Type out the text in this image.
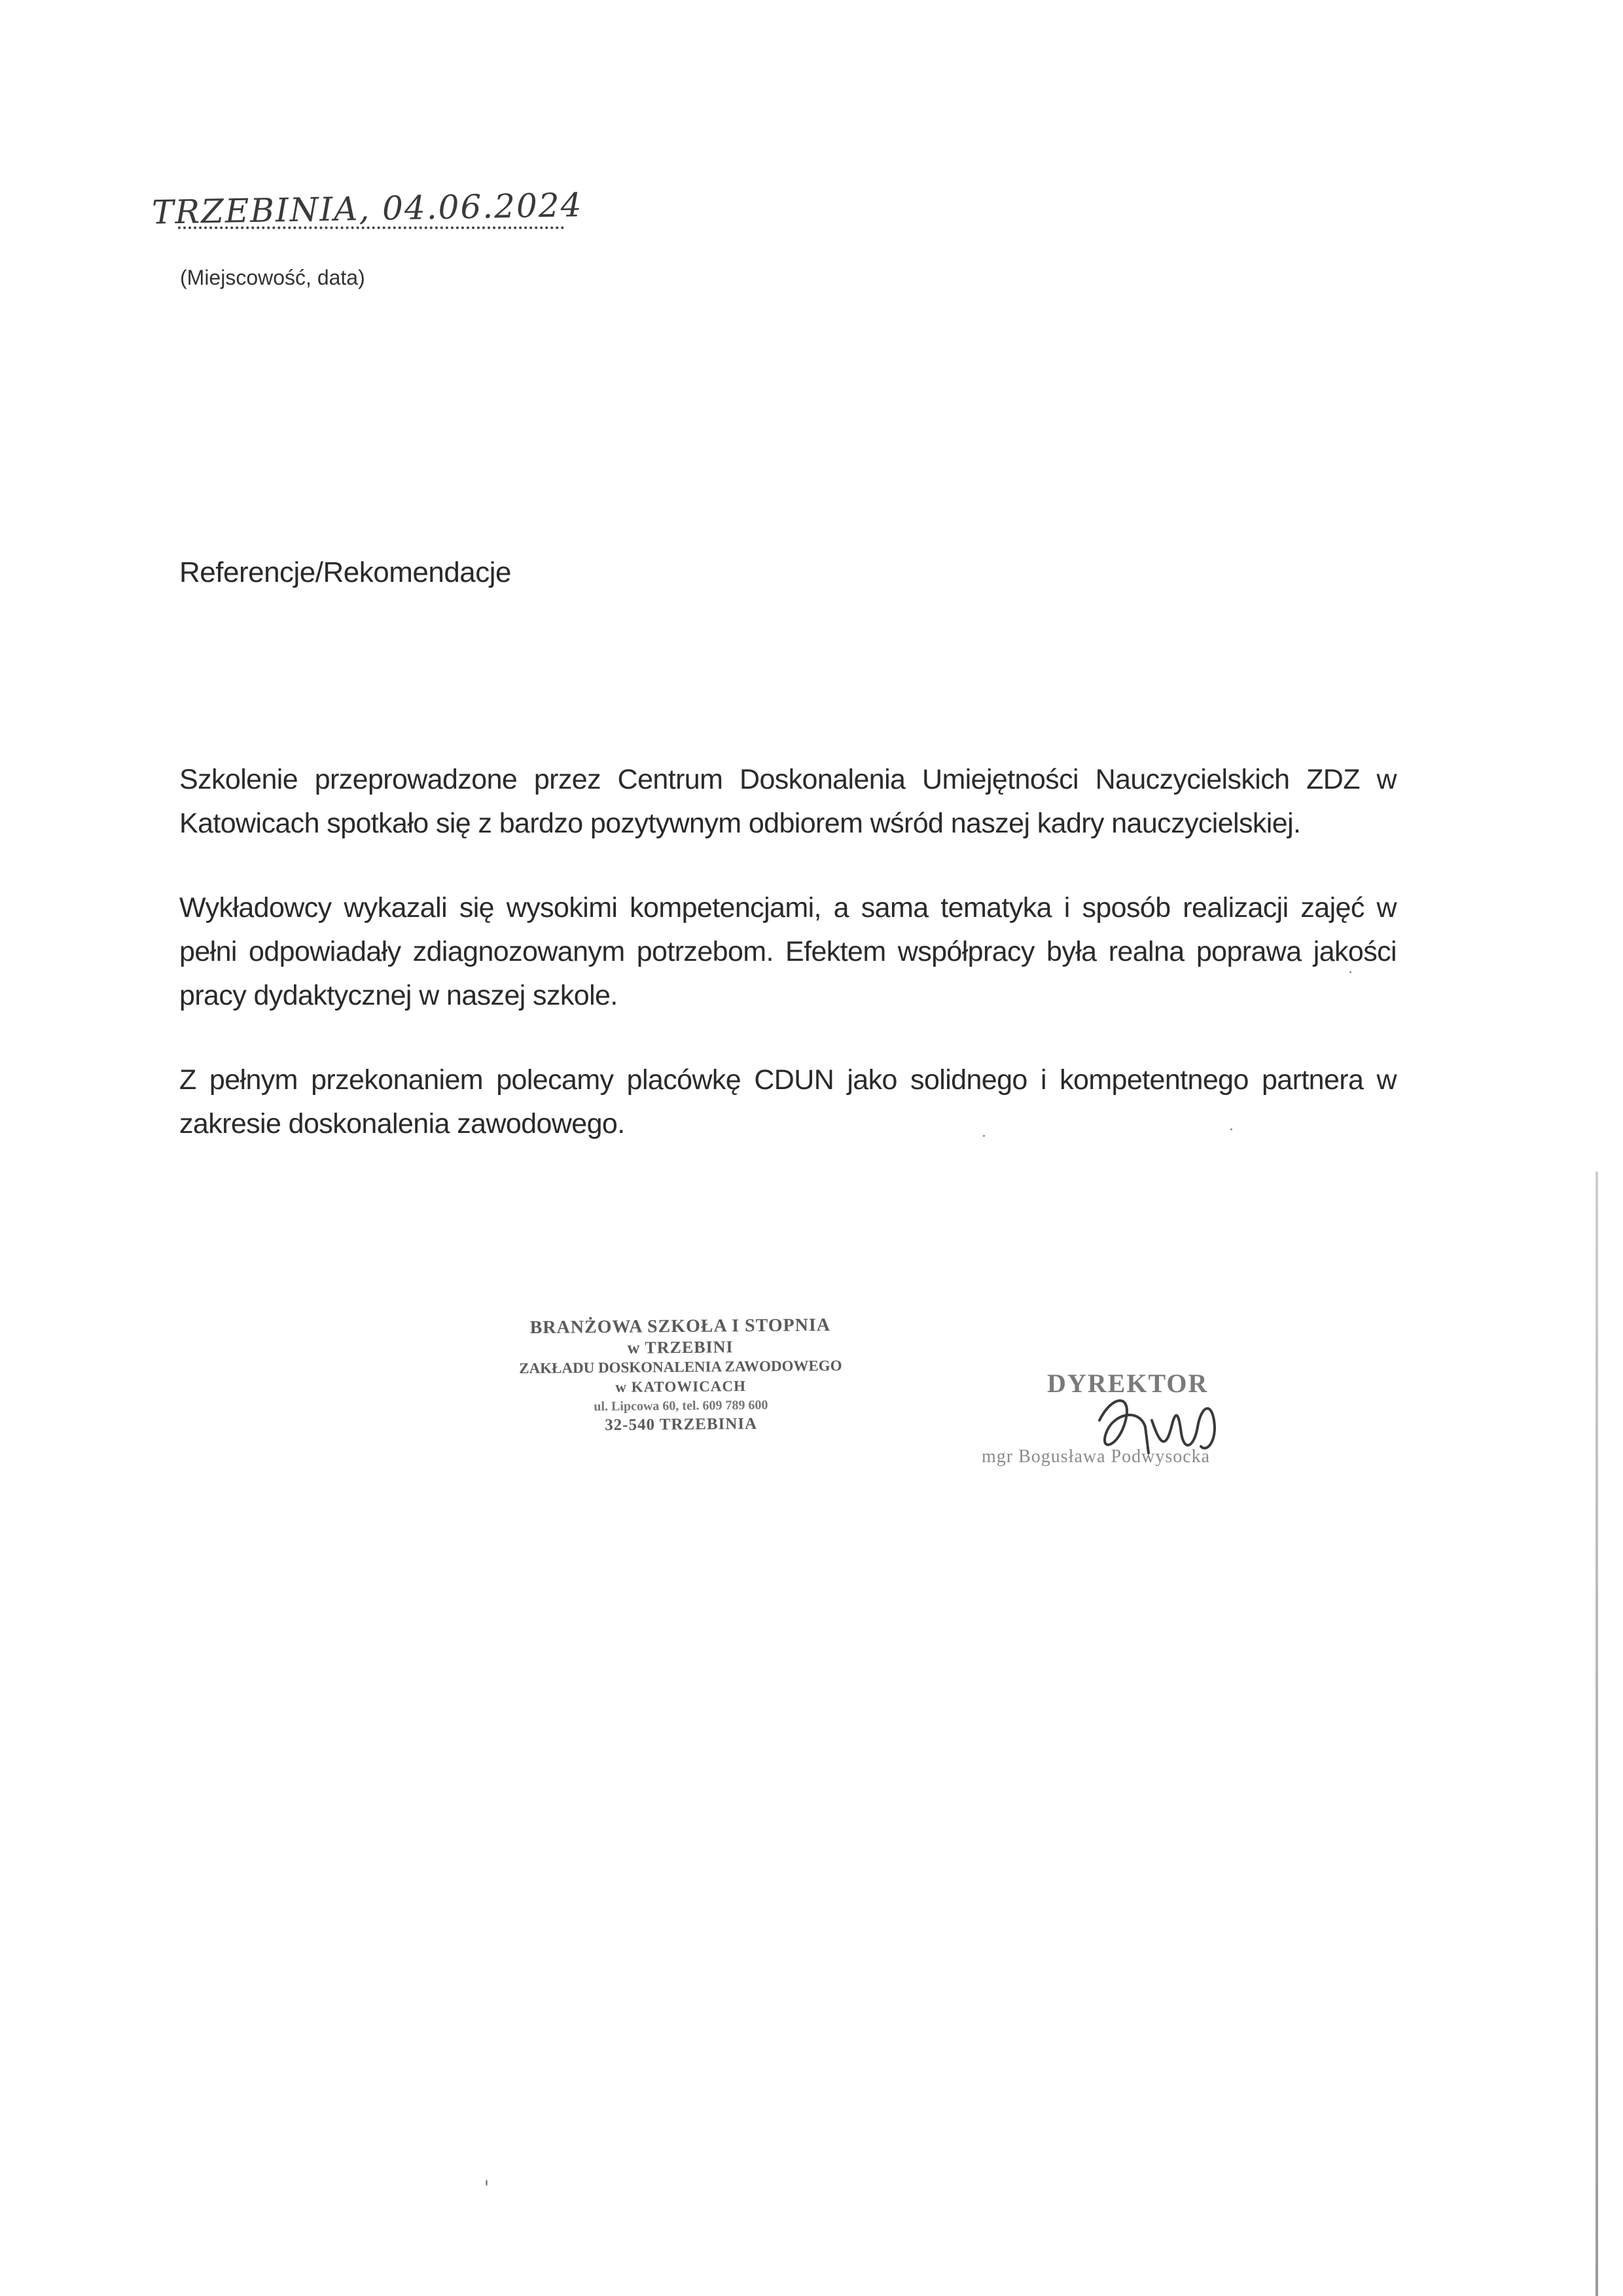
TRZEBINIA, 04.06.2024
(Miejscowość, data)
Referencje/Rekomendacje

Szkolenie przeprowadzone przez Centrum Doskonalenia Umiejętności Nauczycielskich ZDZ w Katowicach spotkało się z bardzo pozytywnym odbiorem wśród naszej kadry nauczycielskiej.

Wykładowcy wykazali się wysokimi kompetencjami, a sama tematyka i sposób realizacji zajęć w pełni odpowiadały zdiagnozowanym potrzebom. Efektem współpracy była realna poprawa jakości pracy dydaktycznej w naszej szkole.

Z pełnym przekonaniem polecamy placówkę CDUN jako solidnego i kompetentnego partnera w zakresie doskonalenia zawodowego.

BRANŻOWA SZKOŁA I STOPNIA
w TRZEBINI
ZAKŁADU DOSKONALENIA ZAWODOWEGO
w KATOWICACH
ul. Lipcowa 60, tel. 609 789 600
32-540 TRZEBINIA
DYREKTOR
mgr Bogusława Podwysocka
